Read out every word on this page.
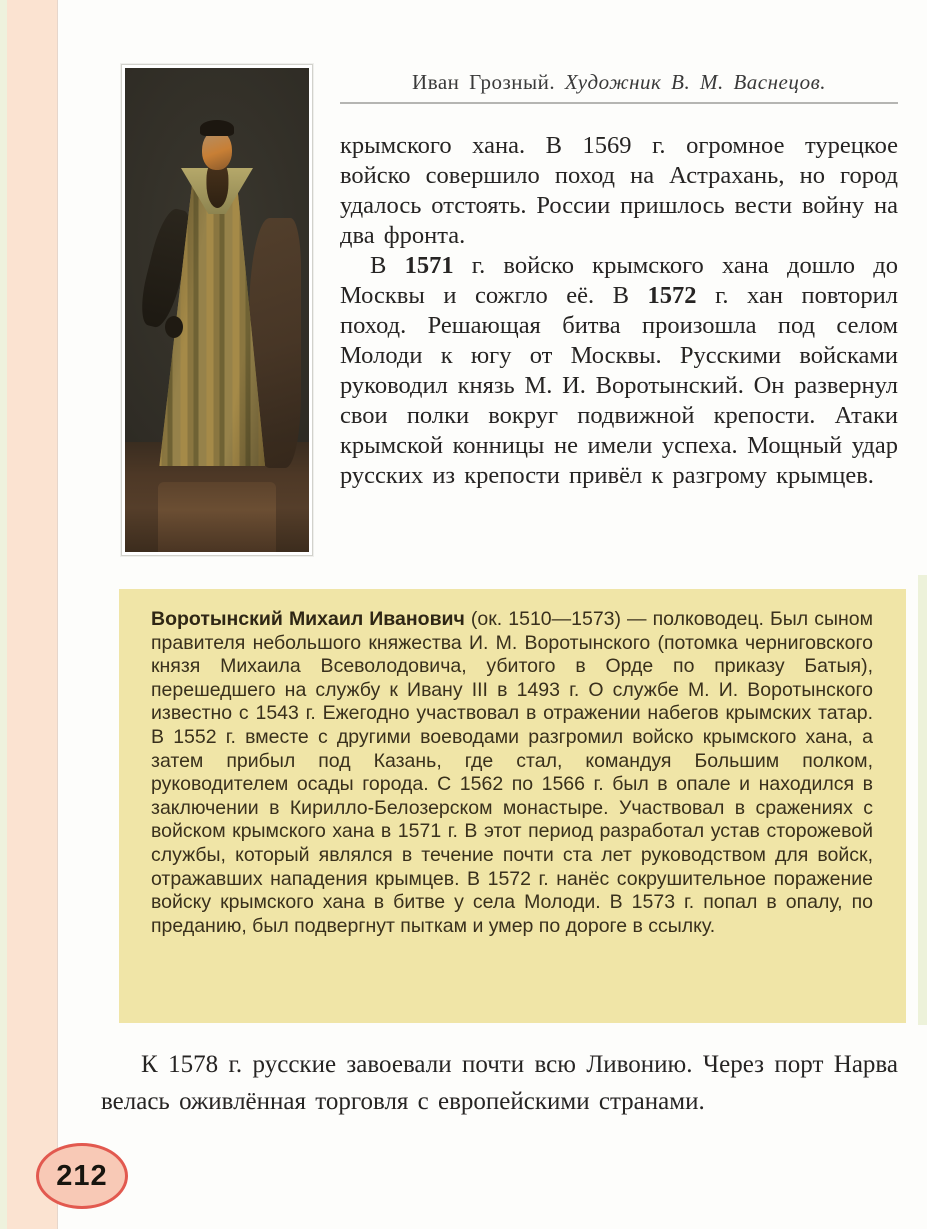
Иван Грозный. Художник В. М. Васнецов.

крымского хана. В 1569 г. огромное турецкое войско совершило поход на Астрахань, но город удалось отстоять. России пришлось вести войну на два фронта.

В 1571 г. войско крымского хана дошло до Москвы и сожгло её. В 1572 г. хан повторил поход. Решающая битва произошла под селом Молоди к югу от Москвы. Русскими войсками руководил князь М. И. Воротынский. Он развернул свои полки вокруг подвижной крепости. Атаки крымской конницы не имели успеха. Мощный удар русских из крепости привёл к разгрому крымцев.

Воротынский Михаил Иванович (ок. 1510—1573) — полководец. Был сыном правителя небольшого княжества И. М. Воротынского (потомка черниговского князя Михаила Всеволодовича, убитого в Орде по приказу Батыя), перешедшего на службу к Ивану III в 1493 г. О службе М. И. Воротынского известно с 1543 г. Ежегодно участвовал в отражении набегов крымских татар. В 1552 г. вместе с другими воеводами разгромил войско крымского хана, а затем прибыл под Казань, где стал, командуя Большим полком, руководителем осады города. С 1562 по 1566 г. был в опале и находился в заключении в Кирилло-Белозерском монастыре. Участвовал в сражениях с войском крымского хана в 1571 г. В этот период разработал устав сторожевой службы, который являлся в течение почти ста лет руководством для войск, отражавших нападения крымцев. В 1572 г. нанёс сокрушительное поражение войску крымского хана в битве у села Молоди. В 1573 г. попал в опалу, по преданию, был подвергнут пыткам и умер по дороге в ссылку.

К 1578 г. русские завоевали почти всю Ливонию. Через порт Нарва велась оживлённая торговля с европейскими странами.

212
